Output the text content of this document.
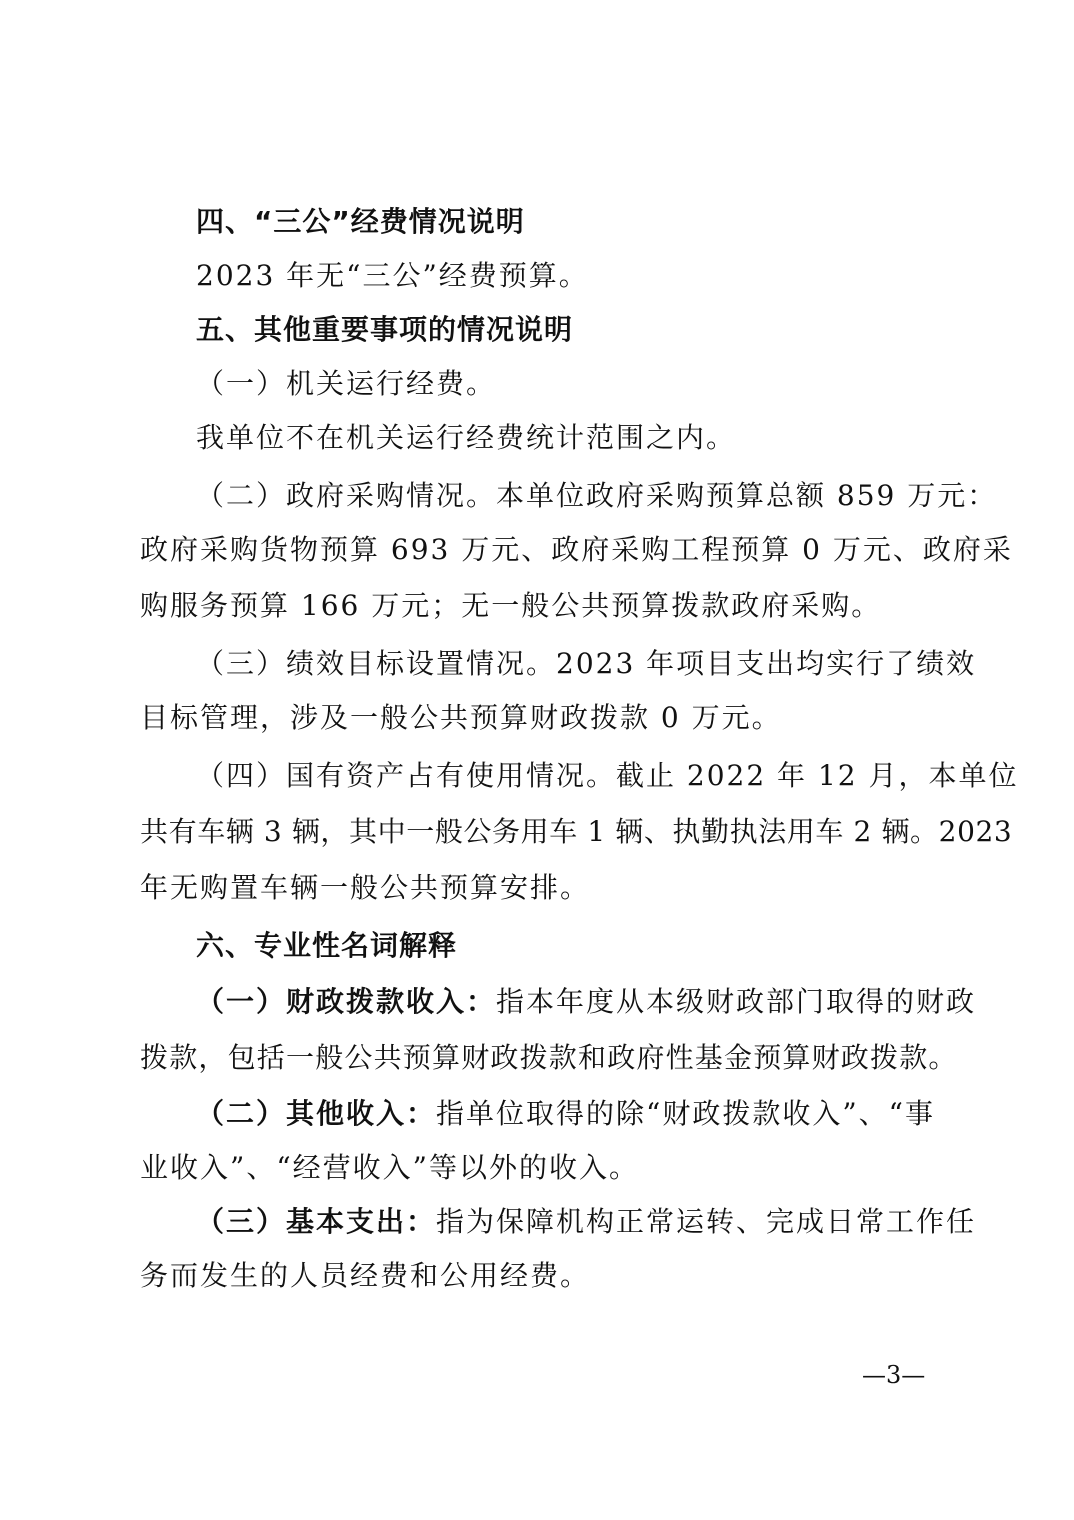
四、“三公”经费情况说明
2023 年无“三公”经费预算。
五、其他重要事项的情况说明
（一）机关运行经费。
我单位不在机关运行经费统计范围之内。
（二）政府采购情况。本单位政府采购预算总额 859 万元：
政府采购货物预算 693 万元、政府采购工程预算 0 万元、政府采
购服务预算 166 万元；无一般公共预算拨款政府采购。
（三）绩效目标设置情况。2023 年项目支出均实行了绩效
目标管理，涉及一般公共预算财政拨款 0 万元。
（四）国有资产占有使用情况。截止 2022 年 12 月，本单位
共有车辆 3 辆，其中一般公务用车 1 辆、执勤执法用车 2 辆。2023
年无购置车辆一般公共预算安排。
六、专业性名词解释
（一）财政拨款收入：指本年度从本级财政部门取得的财政
拨款，包括一般公共预算财政拨款和政府性基金预算财政拨款。
（二）其他收入：指单位取得的除“财政拨款收入”、“事
业收入”、“经营收入”等以外的收入。
（三）基本支出：指为保障机构正常运转、完成日常工作任
务而发生的人员经费和公用经费。
—3—
